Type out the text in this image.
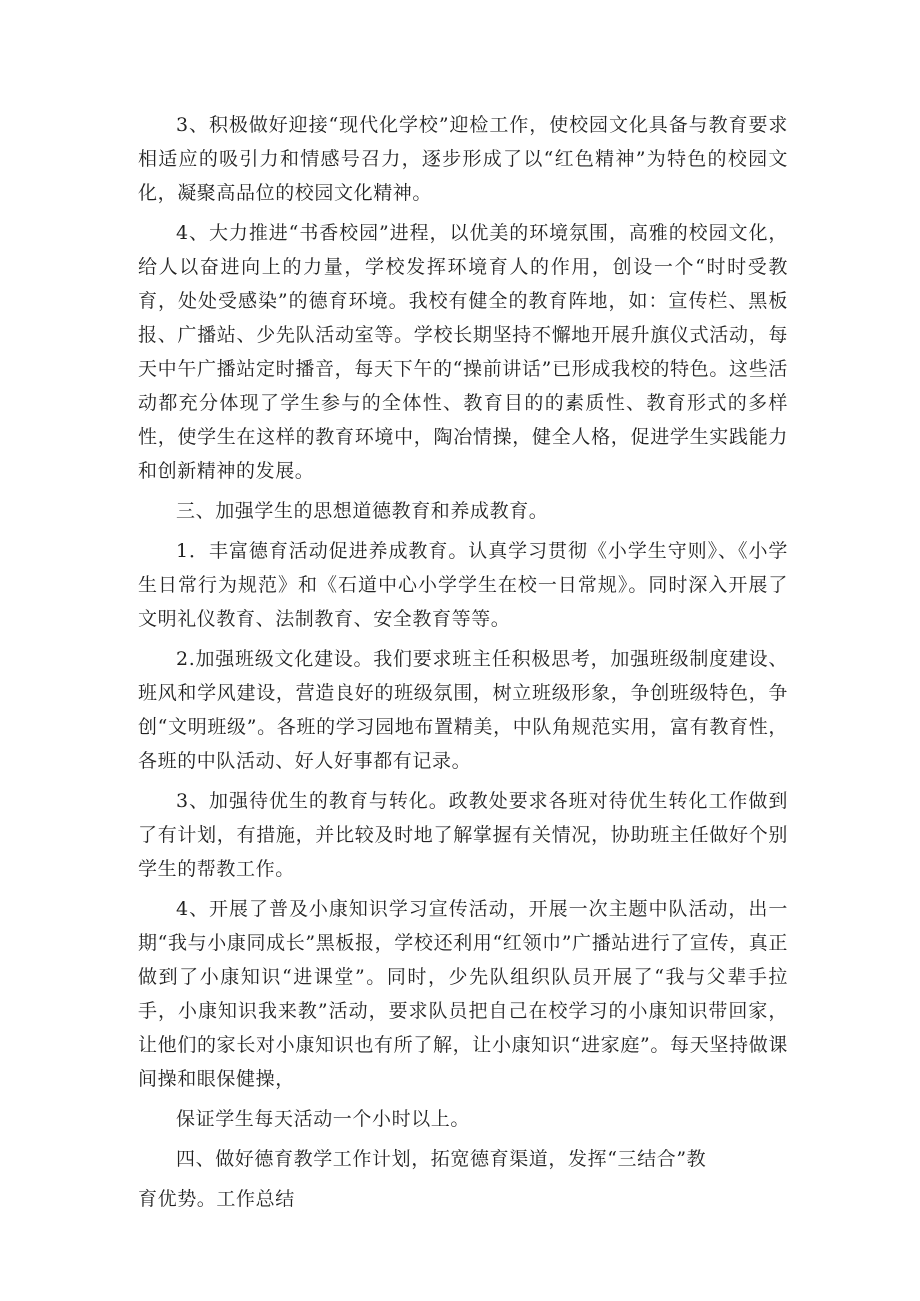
3、积极做好迎接“现代化学校”迎检工作，使校园文化具备与教育要求相适应的吸引力和情感号召力，逐步形成了以“红色精神”为特色的校园文化，凝聚高品位的校园文化精神。

4、大力推进“书香校园”进程，以优美的环境氛围，高雅的校园文化，给人以奋进向上的力量，学校发挥环境育人的作用，创设一个“时时受教育，处处受感染”的德育环境。我校有健全的教育阵地，如：宣传栏、黑板报、广播站、少先队活动室等。学校长期坚持不懈地开展升旗仪式活动，每天中午广播站定时播音，每天下午的“操前讲话”已形成我校的特色。这些活动都充分体现了学生参与的全体性、教育目的的素质性、教育形式的多样性，使学生在这样的教育环境中，陶冶情操，健全人格，促进学生实践能力和创新精神的发展。

三、加强学生的思想道德教育和养成教育。

1．丰富德育活动促进养成教育。认真学习贯彻《小学生守则》、《小学生日常行为规范》和《石道中心小学学生在校一日常规》。同时深入开展了文明礼仪教育、法制教育、安全教育等等。

2.加强班级文化建设。我们要求班主任积极思考，加强班级制度建设、班风和学风建设，营造良好的班级氛围，树立班级形象，争创班级特色，争创“文明班级”。各班的学习园地布置精美，中队角规范实用，富有教育性，各班的中队活动、好人好事都有记录。

3、加强待优生的教育与转化。政教处要求各班对待优生转化工作做到了有计划，有措施，并比较及时地了解掌握有关情况，协助班主任做好个别学生的帮教工作。

4、开展了普及小康知识学习宣传活动，开展一次主题中队活动，出一期“我与小康同成长”黑板报，学校还利用“红领巾”广播站进行了宣传，真正做到了小康知识“进课堂”。同时，少先队组织队员开展了“我与父辈手拉手，小康知识我来教”活动，要求队员把自己在校学习的小康知识带回家，让他们的家长对小康知识也有所了解，让小康知识“进家庭”。每天坚持做课间操和眼保健操，

保证学生每天活动一个小时以上。

四、做好德育教学工作计划，拓宽德育渠道，发挥“三结合”教

育优势。工作总结
